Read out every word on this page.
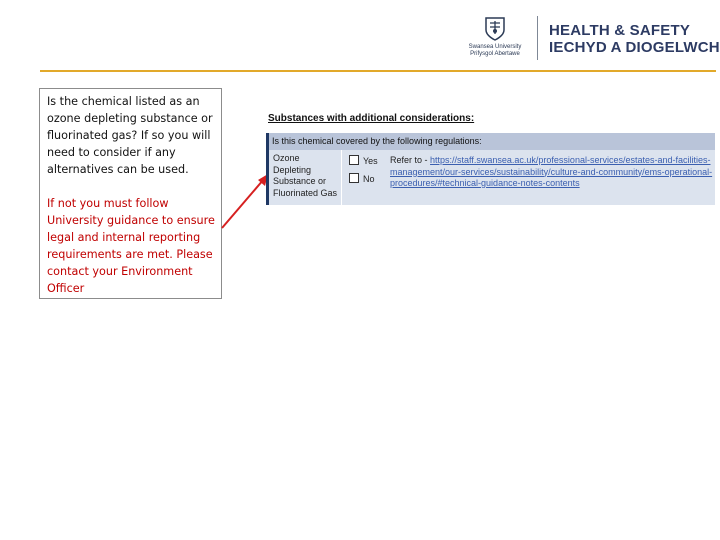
Swansea University
Prifysgol Abertawe
HEALTH & SAFETY
IECHYD A DIOGELWCH

Is the chemical listed as an ozone depleting substance or fluorinated gas? If so you will need to consider if any alternatives can be used.

If not you must follow University guidance to ensure legal and internal reporting requirements are met. Please contact your Environment Officer

Substances with additional considerations:
Is this chemical covered by the following regulations:
Ozone Depleting Substance or Fluorinated Gas
Yes
No
Refer to - https://staff.swansea.ac.uk/professional-services/estates-and-facilities-management/our-services/sustainability/culture-and-community/ems-operational-procedures/#technical-guidance-notes-contents
